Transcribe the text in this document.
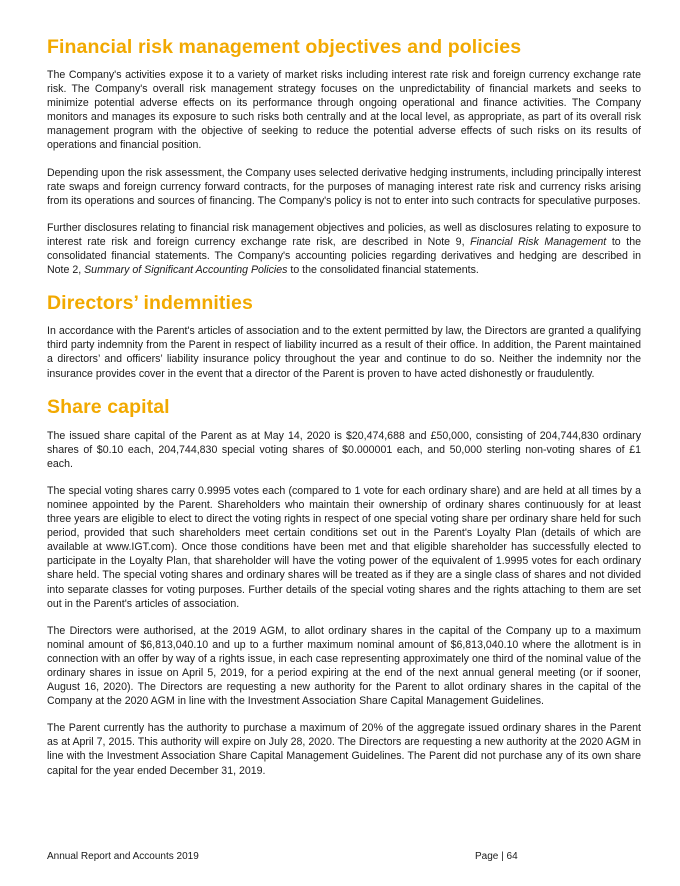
Financial risk management objectives and policies

The Company's activities expose it to a variety of market risks including interest rate risk and foreign currency exchange rate risk. The Company's overall risk management strategy focuses on the unpredictability of financial markets and seeks to minimize potential adverse effects on its performance through ongoing operational and finance activities. The Company monitors and manages its exposure to such risks both centrally and at the local level, as appropriate, as part of its overall risk management program with the objective of seeking to reduce the potential adverse effects of such risks on its results of operations and financial position.

Depending upon the risk assessment, the Company uses selected derivative hedging instruments, including principally interest rate swaps and foreign currency forward contracts, for the purposes of managing interest rate risk and currency risks arising from its operations and sources of financing. The Company's policy is not to enter into such contracts for speculative purposes.

Further disclosures relating to financial risk management objectives and policies, as well as disclosures relating to exposure to interest rate risk and foreign currency exchange rate risk, are described in Note 9, Financial Risk Management to the consolidated financial statements. The Company's accounting policies regarding derivatives and hedging are described in Note 2, Summary of Significant Accounting Policies to the consolidated financial statements.

Directors’ indemnities

In accordance with the Parent's articles of association and to the extent permitted by law, the Directors are granted a qualifying third party indemnity from the Parent in respect of liability incurred as a result of their office. In addition, the Parent maintained a directors’ and officers’ liability insurance policy throughout the year and continue to do so. Neither the indemnity nor the insurance provides cover in the event that a director of the Parent is proven to have acted dishonestly or fraudulently.

Share capital

The issued share capital of the Parent as at May 14, 2020 is $20,474,688 and £50,000, consisting of 204,744,830 ordinary shares of $0.10 each, 204,744,830 special voting shares of $0.000001 each, and 50,000 sterling non-voting shares of £1 each.

The special voting shares carry 0.9995 votes each (compared to 1 vote for each ordinary share) and are held at all times by a nominee appointed by the Parent. Shareholders who maintain their ownership of ordinary shares continuously for at least three years are eligible to elect to direct the voting rights in respect of one special voting share per ordinary share held for such period, provided that such shareholders meet certain conditions set out in the Parent's Loyalty Plan (details of which are available at www.IGT.com). Once those conditions have been met and that eligible shareholder has successfully elected to participate in the Loyalty Plan, that shareholder will have the voting power of the equivalent of 1.9995 votes for each ordinary share held. The special voting shares and ordinary shares will be treated as if they are a single class of shares and not divided into separate classes for voting purposes. Further details of the special voting shares and the rights attaching to them are set out in the Parent's articles of association.

The Directors were authorised, at the 2019 AGM, to allot ordinary shares in the capital of the Company up to a maximum nominal amount of $6,813,040.10 and up to a further maximum nominal amount of $6,813,040.10 where the allotment is in connection with an offer by way of a rights issue, in each case representing approximately one third of the nominal value of the ordinary shares in issue on April 5, 2019, for a period expiring at the end of the next annual general meeting (or if sooner, August 16, 2020). The Directors are requesting a new authority for the Parent to allot ordinary shares in the capital of the Company at the 2020 AGM in line with the Investment Association Share Capital Management Guidelines.

The Parent currently has the authority to purchase a maximum of 20% of the aggregate issued ordinary shares in the Parent as at April 7, 2015. This authority will expire on July 28, 2020. The Directors are requesting a new authority at the 2020 AGM in line with the Investment Association Share Capital Management Guidelines. The Parent did not purchase any of its own share capital for the year ended December 31, 2019.

Annual Report and Accounts 2019	Page | 64
